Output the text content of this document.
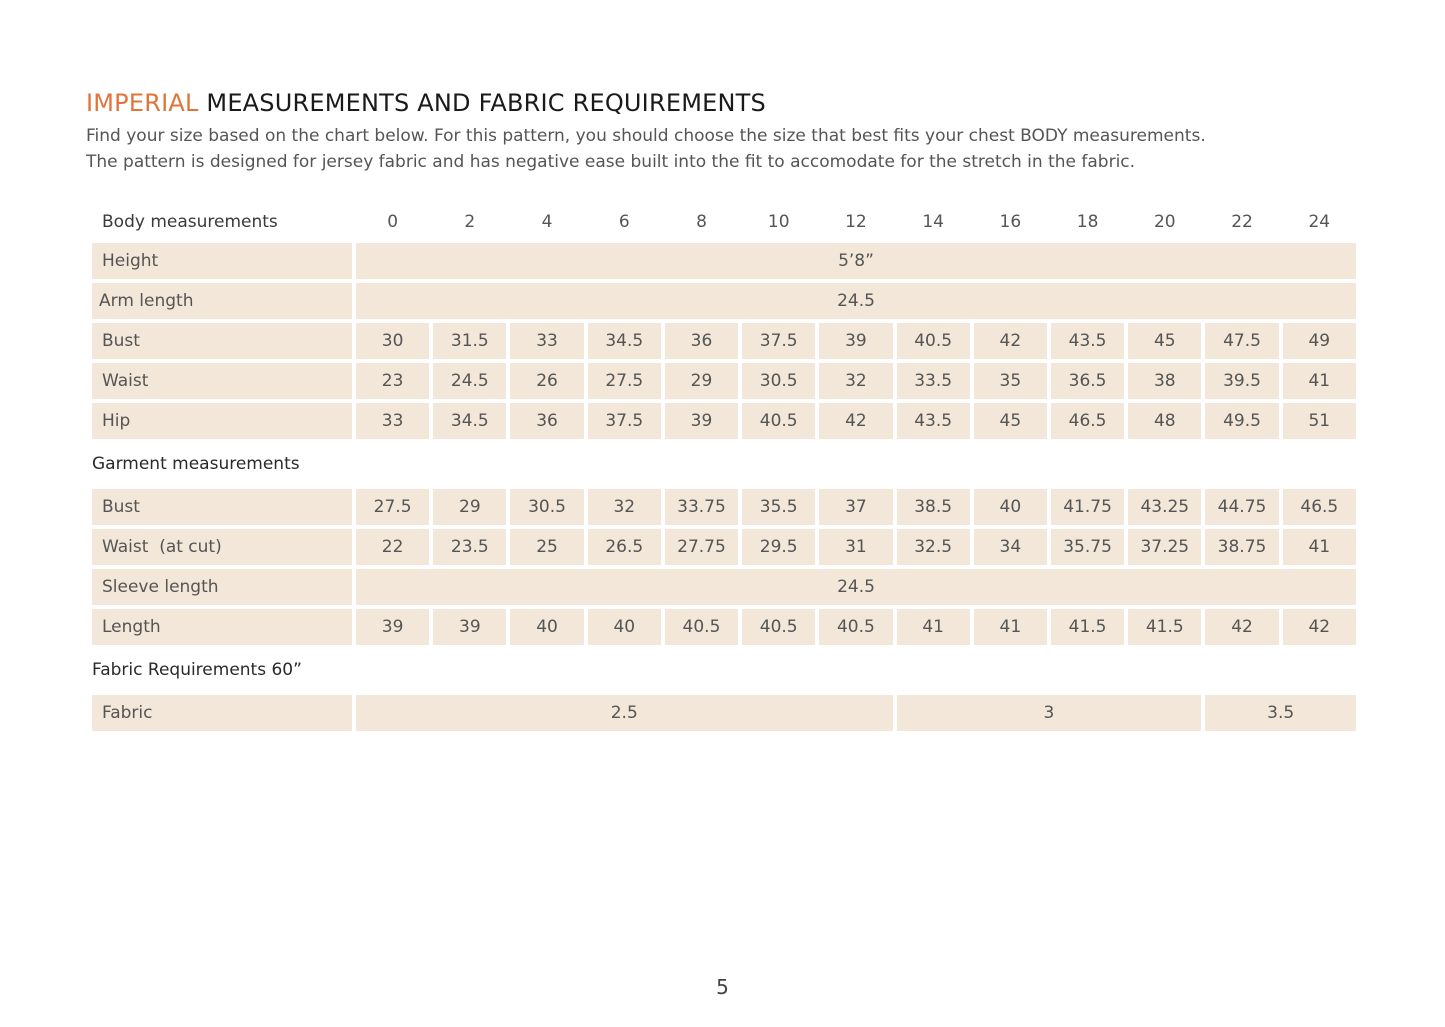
IMPERIAL MEASUREMENTS AND FABRIC REQUIREMENTS

Find your size based on the chart below. For this pattern, you should choose the size that best fits your chest BODY measurements.

The pattern is designed for jersey fabric and has negative ease built into the fit to accomodate for the stretch in the fabric.

Body measurements	0	2	4	6	8	10	12	14	16	18	20	22	24
Height	5’8”												
Arm length	24.5												
Bust	30	31.5	33	34.5	36	37.5	39	40.5	42	43.5	45	47.5	49
Waist	23	24.5	26	27.5	29	30.5	32	33.5	35	36.5	38	39.5	41
Hip	33	34.5	36	37.5	39	40.5	42	43.5	45	46.5	48	49.5	51
Garment measurements													
Bust	27.5	29	30.5	32	33.75	35.5	37	38.5	40	41.75	43.25	44.75	46.5
Waist  (at cut)	22	23.5	25	26.5	27.75	29.5	31	32.5	34	35.75	37.25	38.75	41
Sleeve length	24.5												
Length	39	39	40	40	40.5	40.5	40.5	41	41	41.5	41.5	42	42
Fabric Requirements 60”													
Fabric	2.5							3				3.5	
5
